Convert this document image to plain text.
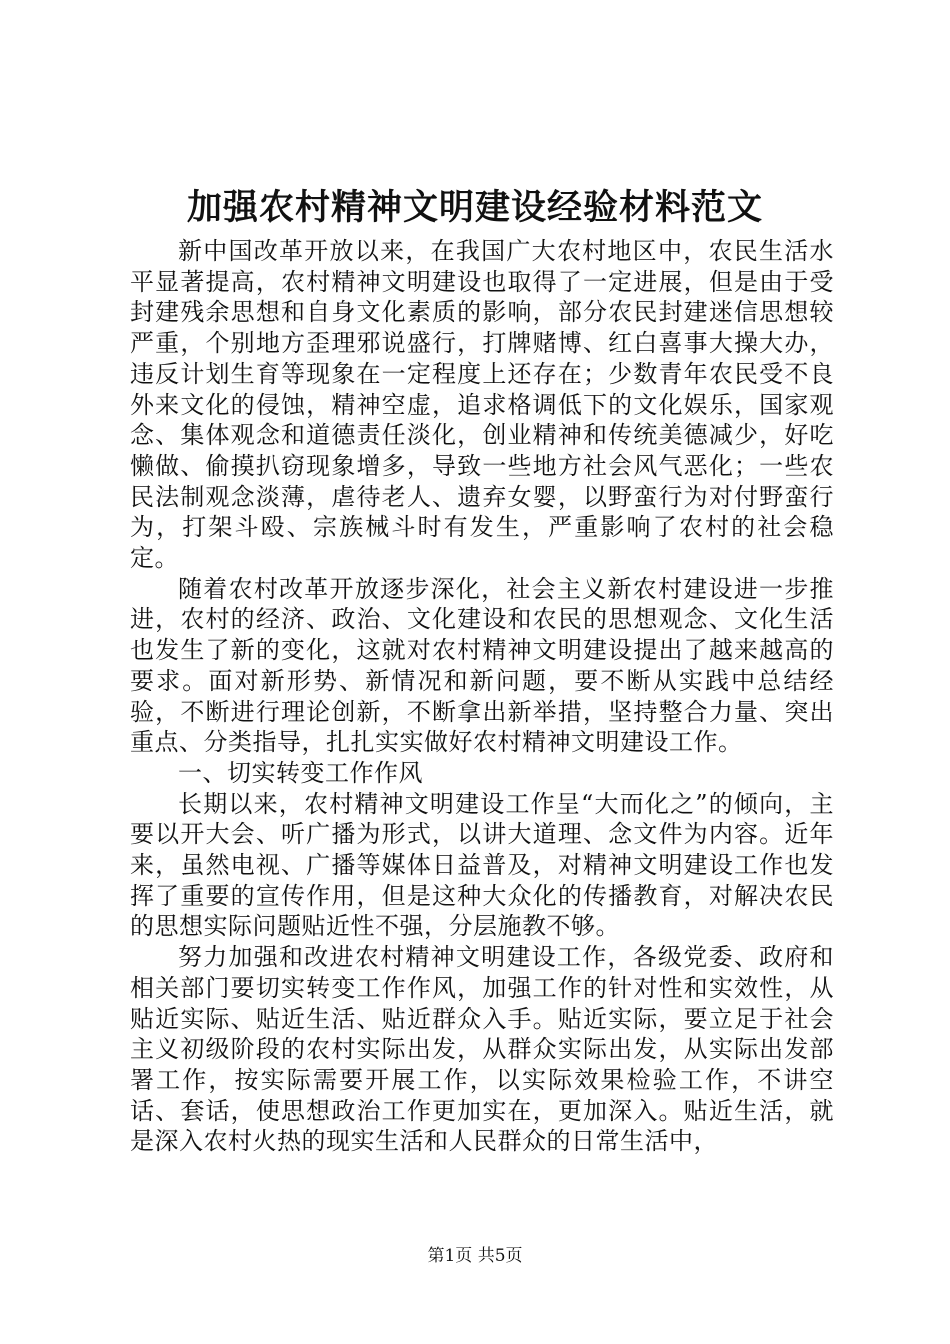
加强农村精神文明建设经验材料范文

新中国改革开放以来，在我国广大农村地区中，农民生活水平显著提高，农村精神文明建设也取得了一定进展，但是由于受封建残余思想和自身文化素质的影响，部分农民封建迷信思想较严重，个别地方歪理邪说盛行，打牌赌博、红白喜事大操大办，违反计划生育等现象在一定程度上还存在；少数青年农民受不良外来文化的侵蚀，精神空虚，追求格调低下的文化娱乐，国家观念、集体观念和道德责任淡化，创业精神和传统美德减少，好吃懒做、偷摸扒窃现象增多，导致一些地方社会风气恶化；一些农民法制观念淡薄，虐待老人、遗弃女婴，以野蛮行为对付野蛮行为，打架斗殴、宗族械斗时有发生，严重影响了农村的社会稳定。

随着农村改革开放逐步深化，社会主义新农村建设进一步推进，农村的经济、政治、文化建设和农民的思想观念、文化生活也发生了新的变化，这就对农村精神文明建设提出了越来越高的要求。面对新形势、新情况和新问题，要不断从实践中总结经验，不断进行理论创新，不断拿出新举措，坚持整合力量、突出重点、分类指导，扎扎实实做好农村精神文明建设工作。

一、切实转变工作作风

长期以来，农村精神文明建设工作呈“大而化之”的倾向，主要以开大会、听广播为形式，以讲大道理、念文件为内容。近年来，虽然电视、广播等媒体日益普及，对精神文明建设工作也发挥了重要的宣传作用，但是这种大众化的传播教育，对解决农民的思想实际问题贴近性不强，分层施教不够。

努力加强和改进农村精神文明建设工作，各级党委、政府和相关部门要切实转变工作作风，加强工作的针对性和实效性，从贴近实际、贴近生活、贴近群众入手。贴近实际，要立足于社会主义初级阶段的农村实际出发，从群众实际出发，从实际出发部署工作，按实际需要开展工作，以实际效果检验工作，不讲空话、套话，使思想政治工作更加实在，更加深入。贴近生活，就是深入农村火热的现实生活和人民群众的日常生活中，

第1页 共5页
